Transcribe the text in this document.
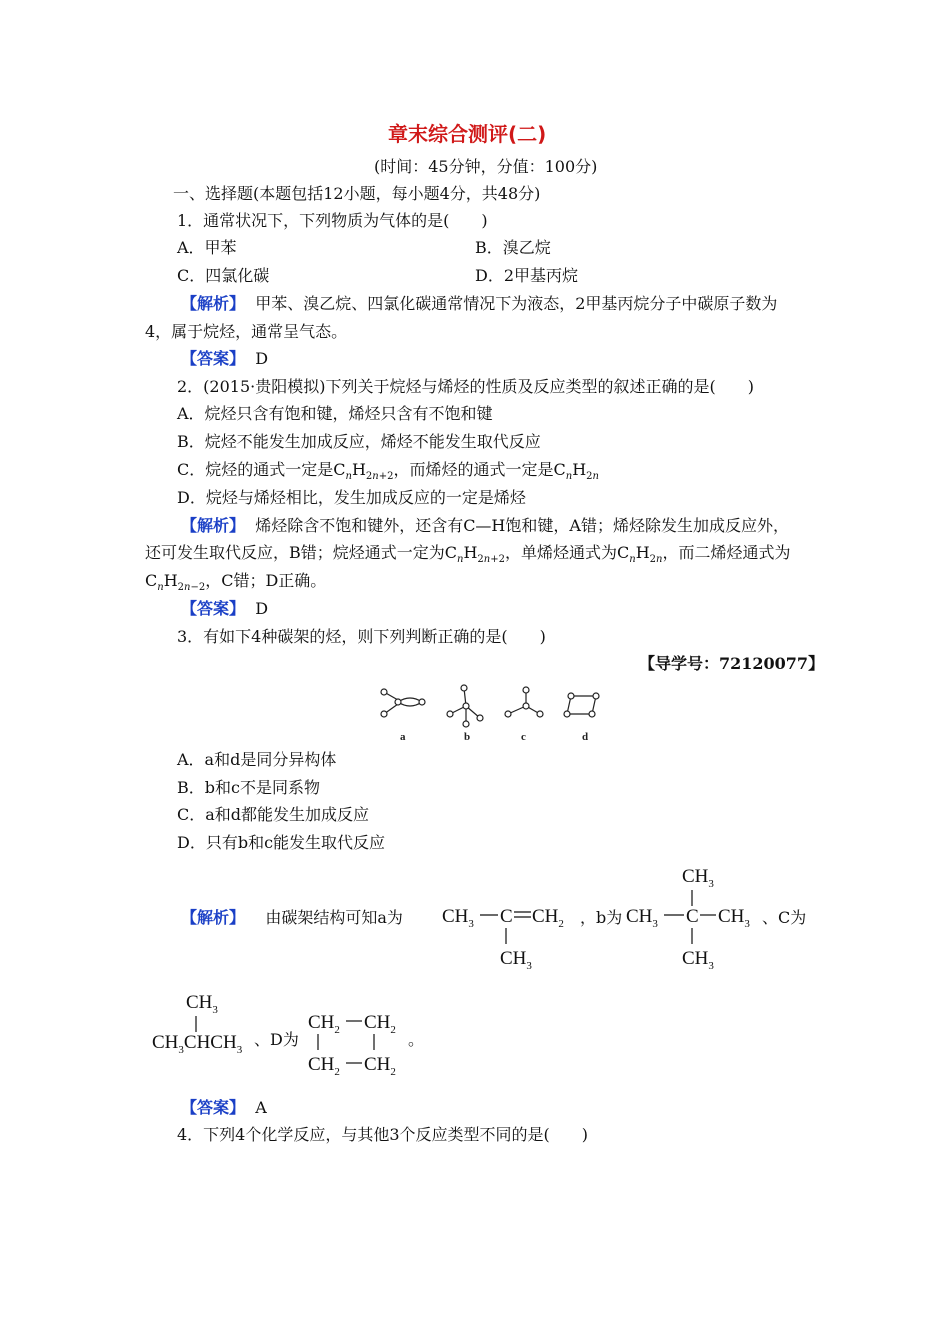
章末综合测评(二)
(时间：45分钟，分值：100分)
一、选择题(本题包括12小题，每小题4分，共48分)
1．通常状况下，下列物质为气体的是(　　)
A．甲苯	B．溴乙烷
C．四氯化碳	D．2甲基丙烷
【解析】 甲苯、溴乙烷、四氯化碳通常情况下为液态，2甲基丙烷分子中碳原子数为
4，属于烷烃，通常呈气态。
【答案】 D
2．(2015·贵阳模拟)下列关于烷烃与烯烃的性质及反应类型的叙述正确的是(　　)
A．烷烃只含有饱和键，烯烃只含有不饱和键
B．烷烃不能发生加成反应，烯烃不能发生取代反应
C．烷烃的通式一定是$C_nH_{2n+2}$，而烯烃的通式一定是$C_nH_{2n}$
D．烷烃与烯烃相比，发生加成反应的一定是烯烃
【解析】 烯烃除含不饱和键外，还含有C—H饱和键，A错；烯烃除发生加成反应外，
还可发生取代反应，B错；烷烃通式一定为$C_nH_{2n+2}$，单烯烃通式为$C_nH_{2n}$，而二烯烃通式为
$C_nH_{2n-2}$，C错；D正确。
【答案】 D
3．有如下4种碳架的烃，则下列判断正确的是(　　)
【导学号：72120077】
a	b	c	d
A．a和d是同分异构体
B．b和c不是同系物
C．a和d都能发生加成反应
D．只有b和c能发生取代反应
【解析】 由碳架结构可知a为 $CH_3$ C $CH_2$
$CH_3$
，b为
$CH_3$
$CH_3$ C $CH_3$
$CH_3$
、C为
$CH_3$
$CH_3CHCH_3$
、D为
$CH_2$ $CH_2$
$CH_2$ $CH_2$
。
【答案】 A
4．下列4个化学反应，与其他3个反应类型不同的是(　　)
